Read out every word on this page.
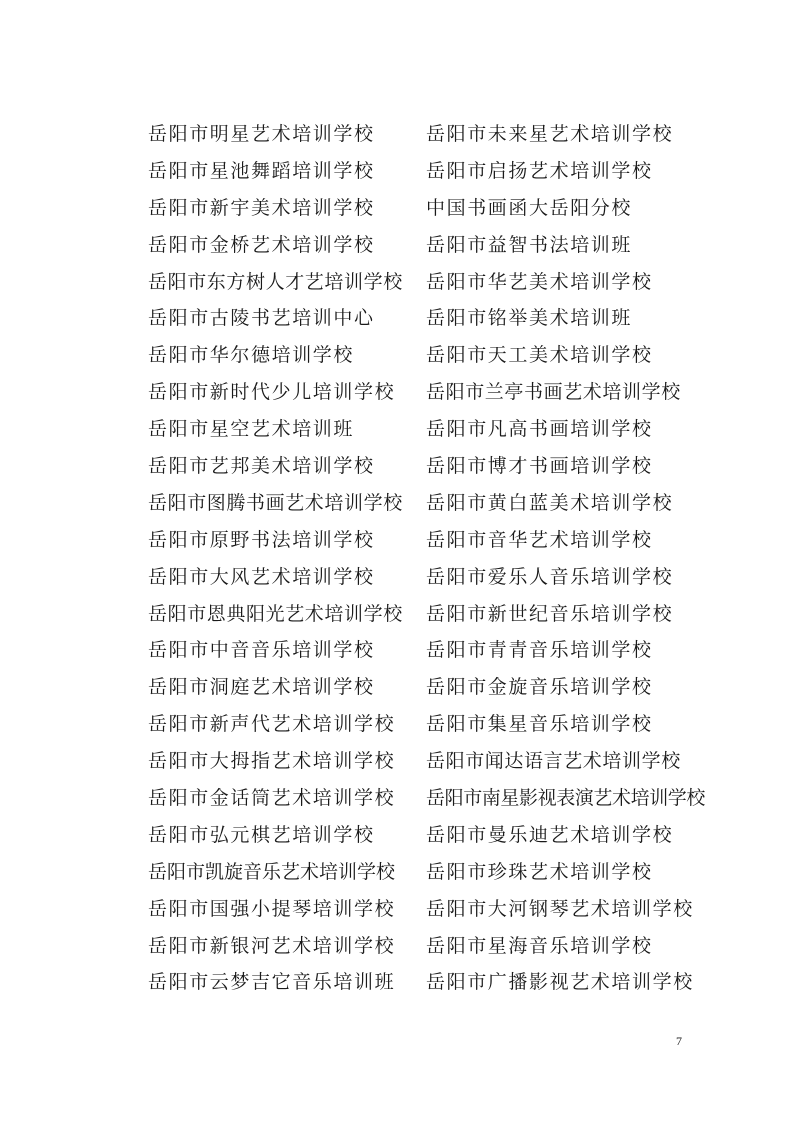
岳阳市明星艺术培训学校	岳阳市未来星艺术培训学校
岳阳市星池舞蹈培训学校	岳阳市启扬艺术培训学校
岳阳市新宇美术培训学校	中国书画函大岳阳分校
岳阳市金桥艺术培训学校	岳阳市益智书法培训班
岳阳市东方树人才艺培训学校 岳阳市华艺美术培训学校
岳阳市古陵书艺培训中心	岳阳市铭举美术培训班
岳阳市华尔德培训学校	岳阳市天工美术培训学校
岳阳市新时代少儿培训学校 岳阳市兰亭书画艺术培训学校
岳阳市星空艺术培训班	岳阳市凡高书画培训学校
岳阳市艺邦美术培训学校	岳阳市博才书画培训学校
岳阳市图腾书画艺术培训学校 岳阳市黄白蓝美术培训学校
岳阳市原野书法培训学校	岳阳市音华艺术培训学校
岳阳市大风艺术培训学校	岳阳市爱乐人音乐培训学校
岳阳市恩典阳光艺术培训学校 岳阳市新世纪音乐培训学校
岳阳市中音音乐培训学校	岳阳市青青音乐培训学校
岳阳市洞庭艺术培训学校	岳阳市金旋音乐培训学校
岳阳市新声代艺术培训学校 岳阳市集星音乐培训学校
岳阳市大拇指艺术培训学校 岳阳市闻达语言艺术培训学校
岳阳市金话筒艺术培训学校 岳阳市南星影视表演艺术培训学校
岳阳市弘元棋艺培训学校	岳阳市曼乐迪艺术培训学校
岳阳市凯旋音乐艺术培训学校 岳阳市珍珠艺术培训学校
岳阳市国强小提琴培训学校 岳阳市大河钢琴艺术培训学校
岳阳市新银河艺术培训学校 岳阳市星海音乐培训学校
岳阳市云梦吉它音乐培训班 岳阳市广播影视艺术培训学校
7
